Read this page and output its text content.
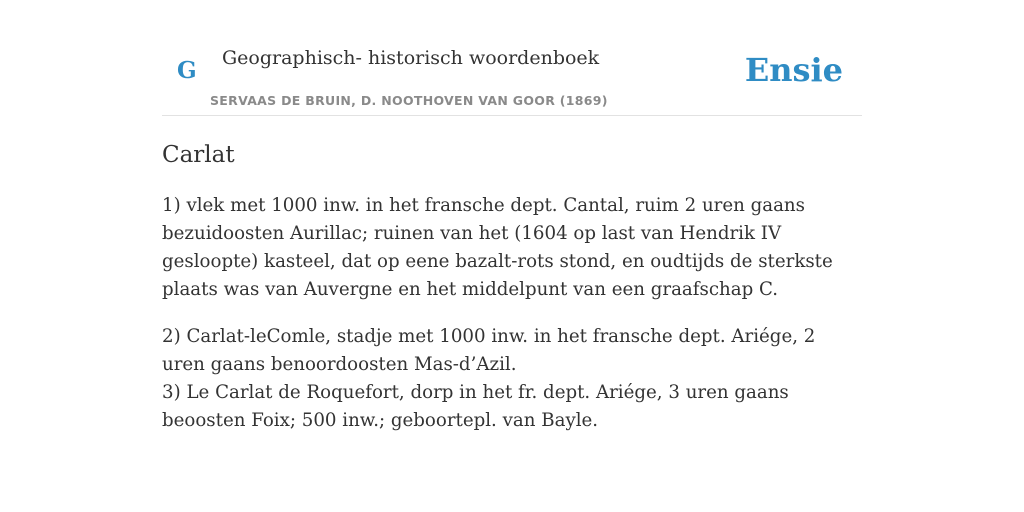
G Geographisch- historisch woordenboek
SERVAAS DE BRUIN, D. NOOTHOVEN VAN GOOR (1869)
Ensie
Carlat

1) vlek met 1000 inw. in het fransche dept. Cantal, ruim 2 uren gaans bezuidoosten Aurillac; ruinen van het (1604 op last van Hendrik IV gesloopte) kasteel, dat op eene bazalt-rots stond, en oudtijds de sterkste plaats was van Auvergne en het middelpunt van een graafschap C.

2) Carlat-leComle, stadje met 1000 inw. in het fransche dept. Ariége, 2 uren gaans benoordoosten Mas-d’Azil.
3) Le Carlat de Roquefort, dorp in het fr. dept. Ariége, 3 uren gaans beoosten Foix; 500 inw.; geboortepl. van Bayle.
